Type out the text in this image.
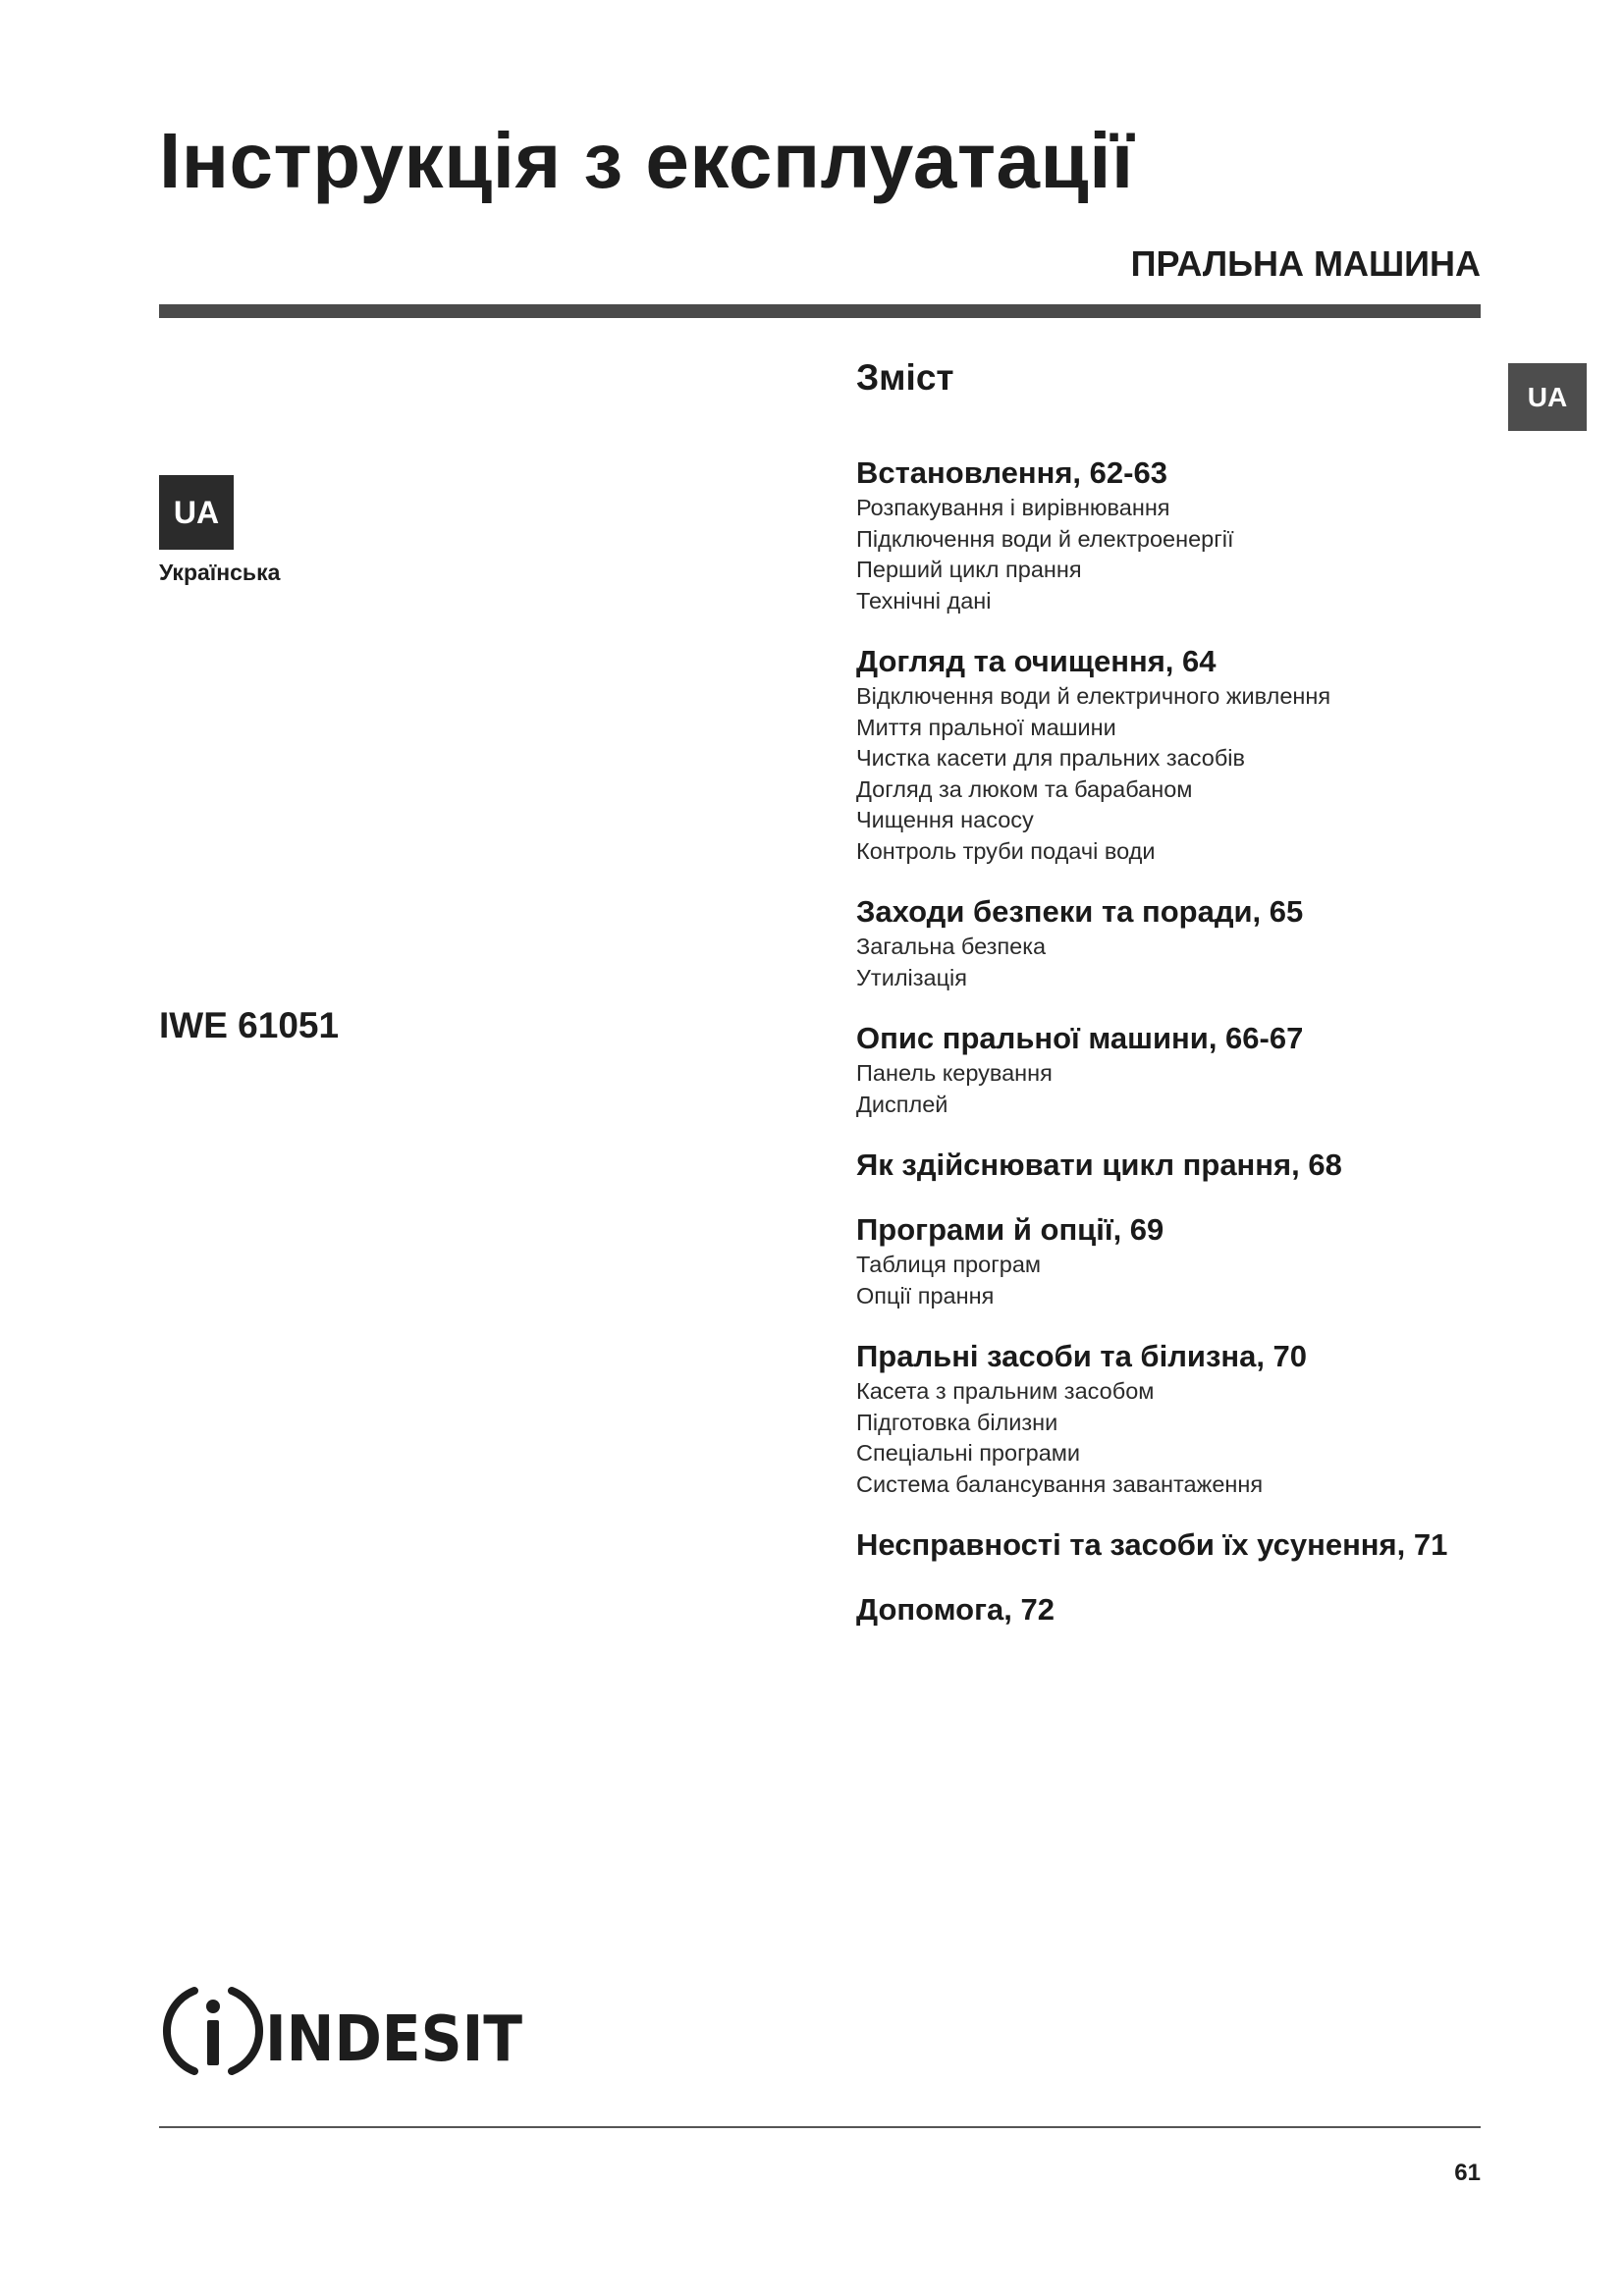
Інструкція з експлуатації
ПРАЛЬНА МАШИНА
UA
UA
Українська
IWE 61051
Зміст
Встановлення, 62-63
Розпакування і вирівнювання
Підключення води й електроенергії
Перший цикл прання
Технічні дані
Догляд та очищення, 64
Відключення води й електричного живлення
Миття пральної машини
Чистка касети для пральних засобів
Догляд за люком та барабаном
Чищення насосу
Контроль труби подачі води
Заходи безпеки та поради, 65
Загальна безпека
Утилізація
Опис пральної машини, 66-67
Панель керування
Дисплей
Як здійснювати цикл прання, 68
Програми й опції, 69
Таблиця програм
Опції прання
Пральні засоби та білизна, 70
Касета з пральним засобом
Підготовка білизни
Спеціальні програми
Система балансування завантаження
Несправності та засоби їх усунення, 71
Допомога, 72
INDESIT
61
